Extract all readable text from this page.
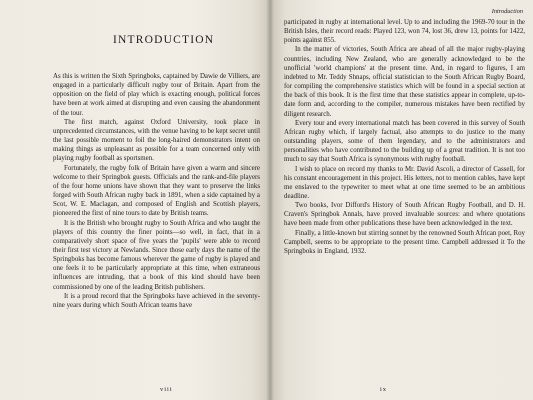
INTRODUCTION

As this is written the Sixth Springboks, captained by Dawie de Villiers, are engaged in a particularly difficult rugby tour of Britain. Apart from the opposition on the field of play which is exacting enough, political forces have been at work aimed at disrupting and even causing the abandonment of the tour.

The first match, against Oxford University, took place in unprecedented circumstances, with the venue having to be kept secret until the last possible moment to foil the long-haired demonstrators intent on making things as unpleasant as possible for a team concerned only with playing rugby football as sportsmen.

Fortunately, the rugby folk of Britain have given a warm and sincere welcome to their Springbok guests. Officials and the rank-and-file players of the four home unions have shown that they want to preserve the links forged with South African rugby back in 1891, when a side captained by a Scot, W. E. Maclagan, and composed of English and Scottish players, pioneered the first of nine tours to date by British teams.

It is the British who brought rugby to South Africa and who taught the players of this country the finer points—so well, in fact, that in a comparatively short space of five years the 'pupils' were able to record their first test victory at Newlands. Since those early days the name of the Springboks has become famous wherever the game of rugby is played and one feels it to be particularly appropriate at this time, when extraneous influences are intruding, that a book of this kind should have been commissioned by one of the leading British publishers.

It is a proud record that the Springboks have achieved in the seventy-nine years during which South African teams have

viii
Introduction

participated in rugby at international level. Up to and including the 1969-70 tour in the British Isles, their record reads: Played 123, won 74, lost 36, drew 13, points for 1422, points against 855.

In the matter of victories, South Africa are ahead of all the major rugby-playing countries, including New Zealand, who are generally acknowledged to be the unofficial 'world champions' at the present time. And, in regard to figures, I am indebted to Mr. Teddy Shnaps, official statistician to the South African Rugby Board, for compiling the comprehensive statistics which will be found in a special section at the back of this book. It is the first time that these statistics appear in complete, up-to-date form and, according to the compiler, numerous mistakes have been rectified by diligent research.

Every tour and every international match has been covered in this survey of South African rugby which, if largely factual, also attempts to do justice to the many outstanding players, some of them legendary, and to the administrators and personalities who have contributed to the building up of a great tradition. It is not too much to say that South Africa is synonymous with rugby football.

I wish to place on record my thanks to Mr. David Ascoli, a director of Cassell, for his constant encouragement in this project. His letters, not to mention cables, have kept me enslaved to the typewriter to meet what at one time seemed to be an ambitious deadline.

Two books, Ivor Difford's History of South African Rugby Football, and D. H. Craven's Springbok Annals, have proved invaluable sources: and where quotations have been made from other publications these have been acknowledged in the text.

Finally, a little-known but stirring sonnet by the renowned South African poet, Roy Campbell, seems to be appropriate to the present time. Campbell addressed it To the Springboks in England, 1932.

ix
